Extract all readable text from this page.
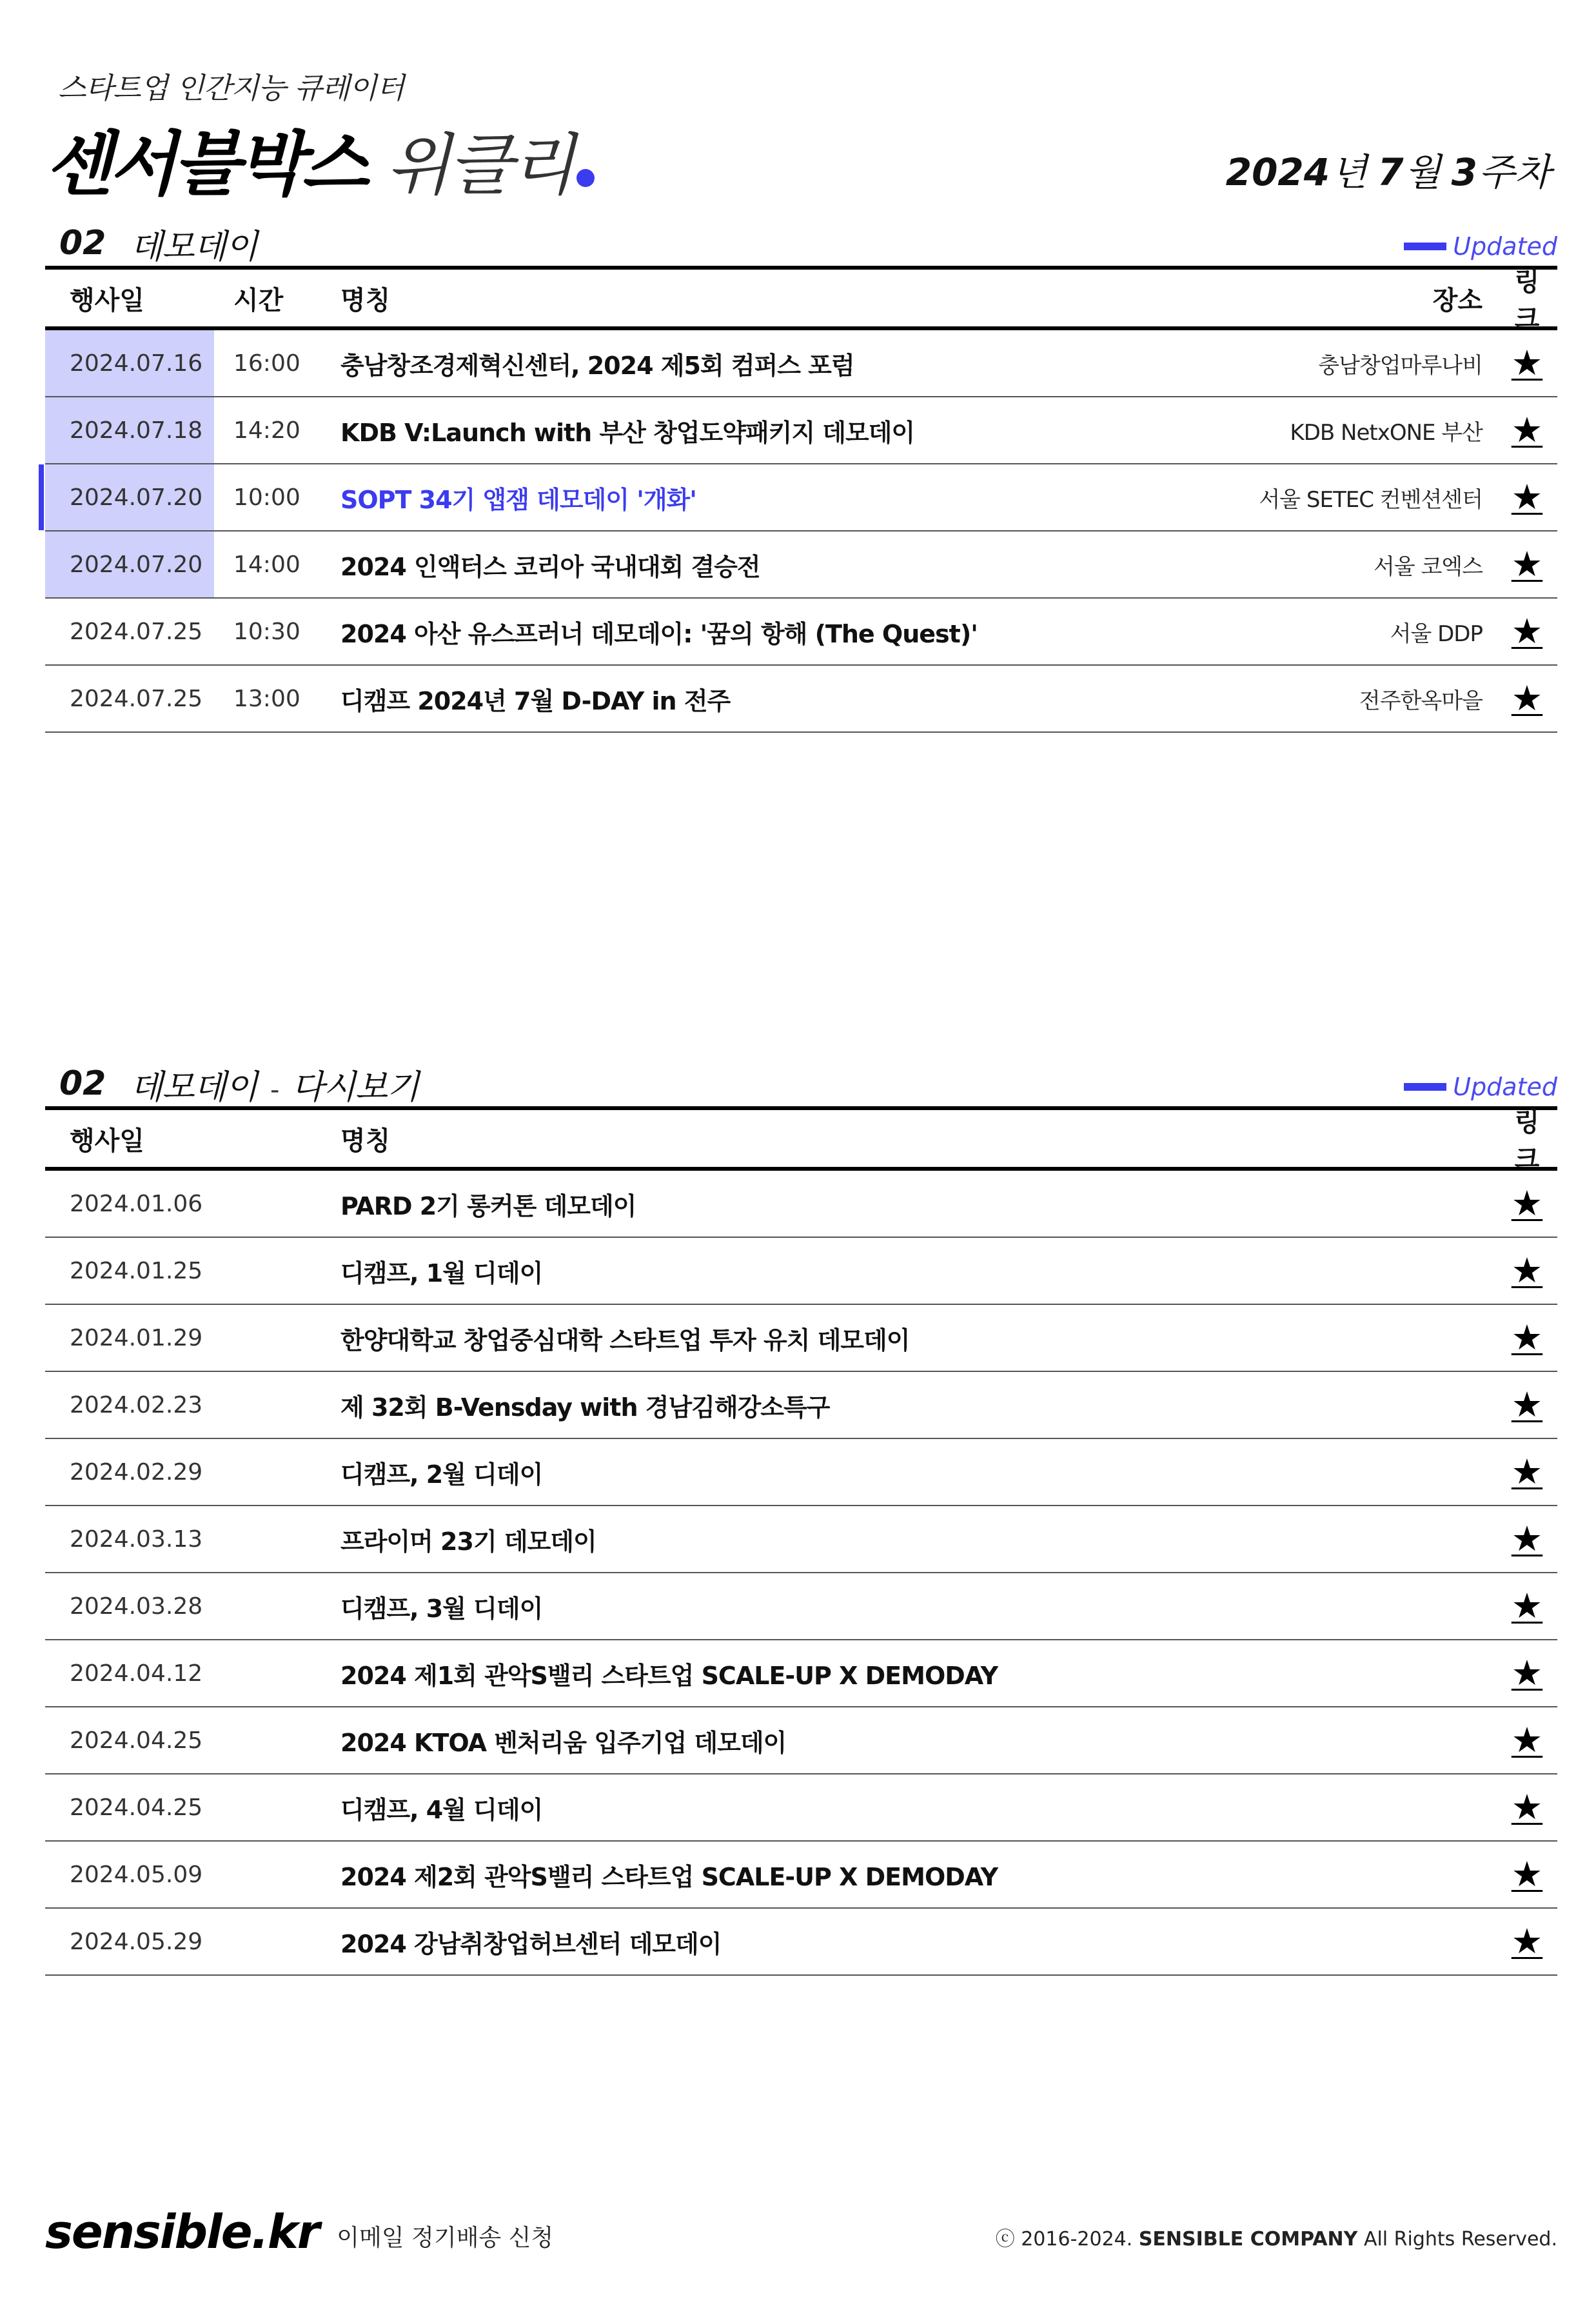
스타트업 인간지능 큐레이터
센서블박스 위클리	2024 년 7 월 3 주차
02 데모데이	Updated
행사일	시간	명칭	장소
링크
2024.07.16	16:00	충남창조경제혁신센터, 2024 제5회 컴퍼스 포럼	충남창업마루나비 ★
2024.07.18	14:20	KDB V:Launch with 부산 창업도약패키지 데모데이	KDB NetxONE 부산 ★
2024.07.20	10:00	SOPT 34기 앱잼 데모데이 '개화'	서울 SETEC 컨벤션센터 ★
2024.07.20	14:00	2024 인액터스 코리아 국내대회 결승전	서울 코엑스 ★
2024.07.25	10:30	2024 아산 유스프러너 데모데이: '꿈의 항해 (The Quest)'	서울 DDP ★
2024.07.25	13:00	디캠프 2024년 7월 D-DAY in 전주	전주한옥마을 ★
02 데모데이 - 다시보기	Updated
행사일	명칭
링크
2024.01.06	PARD 2기 롱커톤 데모데이	★
2024.01.25	디캠프, 1월 디데이	★
2024.01.29	한양대학교 창업중심대학 스타트업 투자 유치 데모데이	★
2024.02.23	제 32회 B-Vensday with 경남김해강소특구	★
2024.02.29	디캠프, 2월 디데이	★
2024.03.13	프라이머 23기 데모데이	★
2024.03.28	디캠프, 3월 디데이	★
2024.04.12	2024 제1회 관악S밸리 스타트업 SCALE-UP X DEMODAY	★
2024.04.25	2024 KTOA 벤처리움 입주기업 데모데이	★
2024.04.25	디캠프, 4월 디데이	★
2024.05.09	2024 제2회 관악S밸리 스타트업 SCALE-UP X DEMODAY	★
2024.05.29	2024 강남취창업허브센터 데모데이	★
sensible.kr 이메일 정기배송 신청	ⓒ 2016-2024. SENSIBLE COMPANY All Rights Reserved.
